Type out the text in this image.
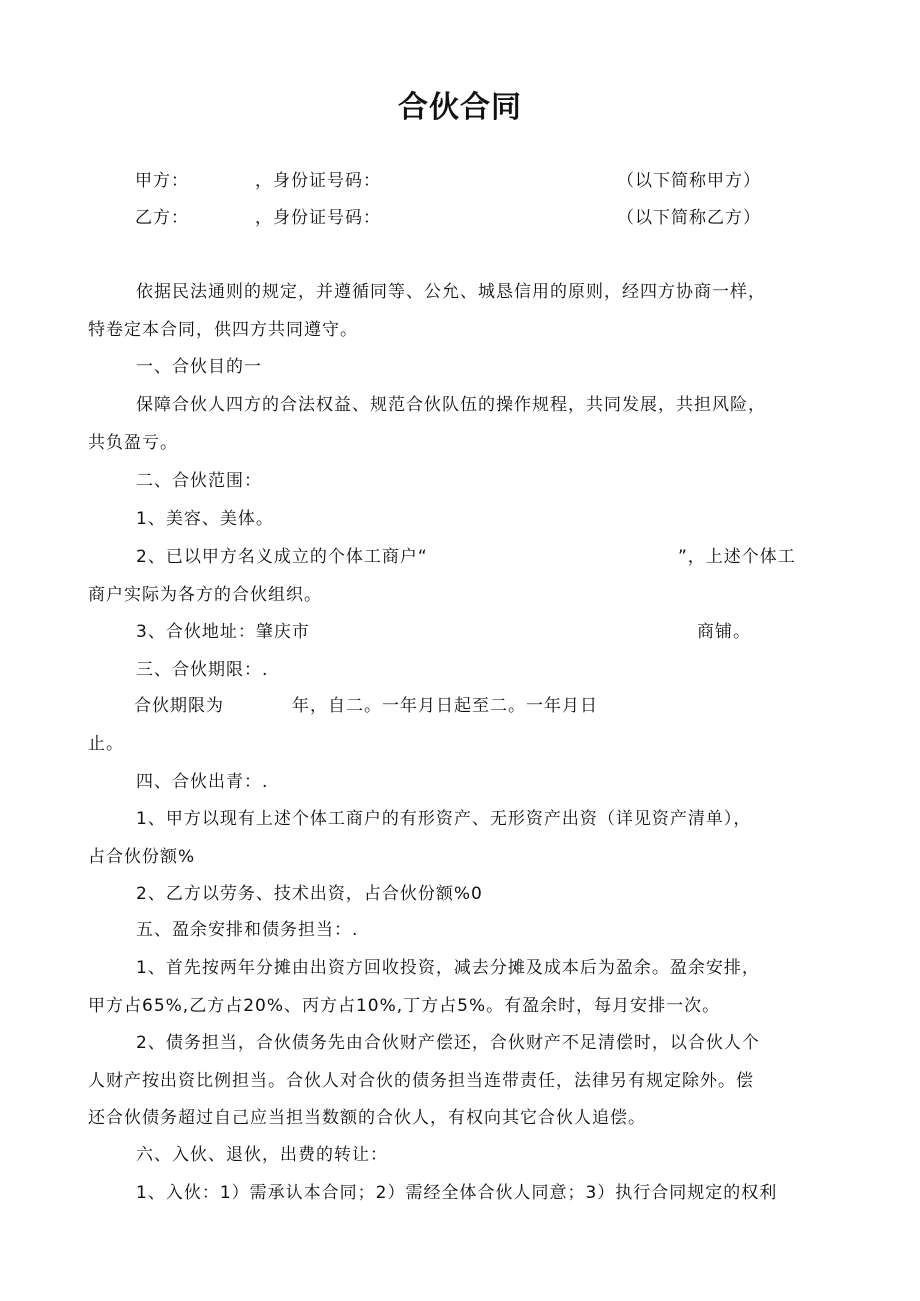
合伙合同
甲方：	，身份证号码：	（以下简称甲方）
乙方：	，身份证号码：	（以下简称乙方）
依据民法通则的规定，并遵循同等、公允、城恳信用的原则，经四方协商一样，
特卷定本合同，供四方共同遵守。
一、合伙目的一
保障合伙人四方的合法权益、规范合伙队伍的操作规程，共同发展，共担风险，
共负盈亏。
二、合伙范围：
1、美容、美体。
2、已以甲方名义成立的个体工商户“	”，上述个体工
商户实际为各方的合伙组织。
3、合伙地址：肇庆市	商铺。
三、合伙期限：.
合伙期限为	年，自二。一年月日起至二。一年月日
止。
四、合伙出青：.
1、甲方以现有上述个体工商户的有形资产、无形资产出资（详见资产清单），
占合伙份额%
2、乙方以劳务、技术出资，占合伙份额%0
五、盈余安排和债务担当：.
1、首先按两年分摊由出资方回收投资，减去分摊及成本后为盈余。盈余安排，
甲方占65%,乙方占20%、丙方占10%,丁方占5%。有盈余时，每月安排一次。
2、债务担当，合伙债务先由合伙财产偿还，合伙财产不足清偿时，以合伙人个
人财产按出资比例担当。合伙人对合伙的债务担当连带责任，法律另有规定除外。偿
还合伙债务超过自己应当担当数额的合伙人，有权向其它合伙人追偿。
六、入伙、退伙，出费的转让：
1、入伙：1）需承认本合同；2）需经全体合伙人同意；3）执行合同规定的权利
